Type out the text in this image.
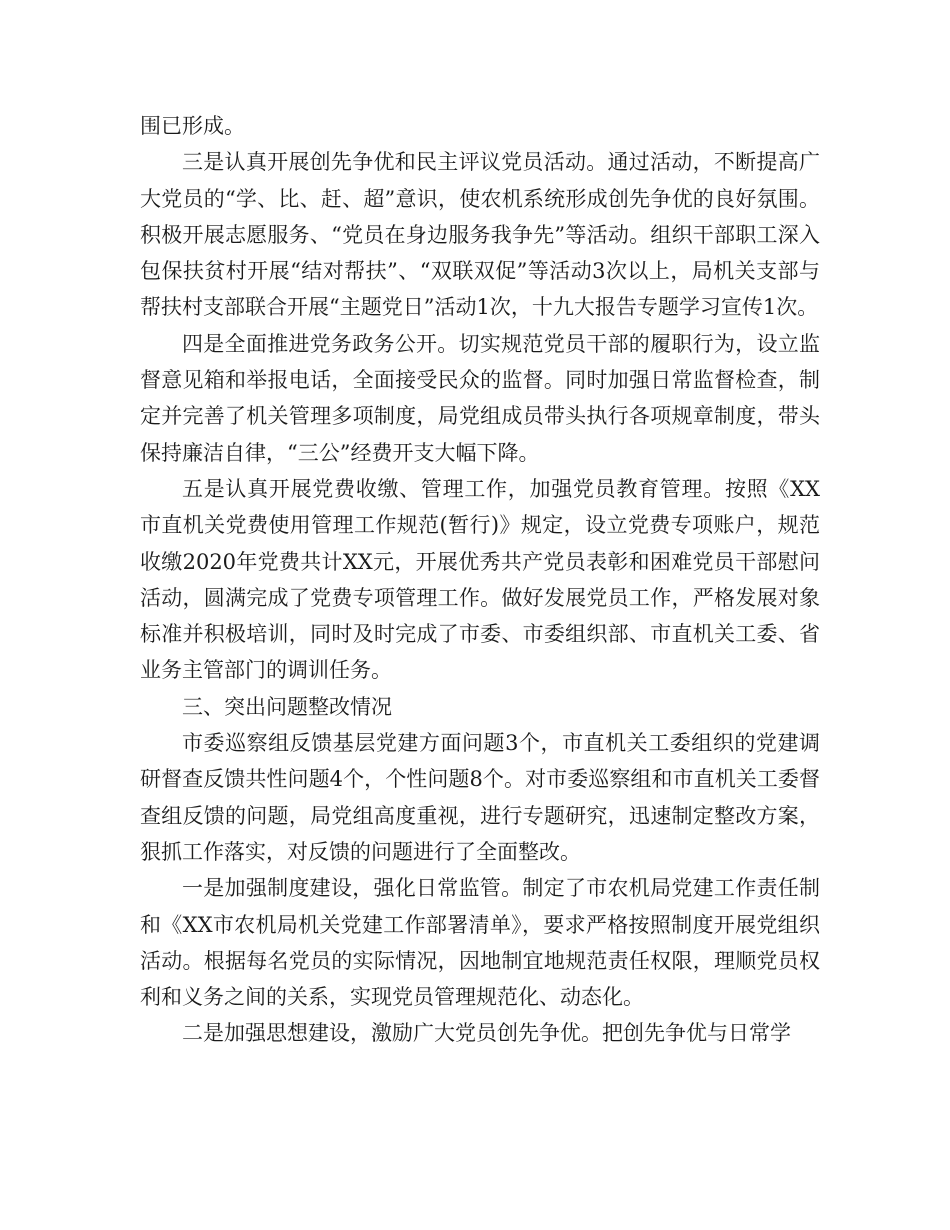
围已形成。

三是认真开展创先争优和民主评议党员活动。通过活动，不断提高广大党员的“学、比、赶、超”意识，使农机系统形成创先争优的良好氛围。积极开展志愿服务、“党员在身边服务我争先”等活动。组织干部职工深入包保扶贫村开展“结对帮扶”、“双联双促”等活动3次以上，局机关支部与帮扶村支部联合开展“主题党日”活动1次，十九大报告专题学习宣传1次。

四是全面推进党务政务公开。切实规范党员干部的履职行为，设立监督意见箱和举报电话，全面接受民众的监督。同时加强日常监督检查，制定并完善了机关管理多项制度，局党组成员带头执行各项规章制度，带头保持廉洁自律，“三公”经费开支大幅下降。

五是认真开展党费收缴、管理工作，加强党员教育管理。按照《XX市直机关党费使用管理工作规范(暂行)》规定，设立党费专项账户，规范收缴2020年党费共计XX元，开展优秀共产党员表彰和困难党员干部慰问活动，圆满完成了党费专项管理工作。做好发展党员工作，严格发展对象标准并积极培训，同时及时完成了市委、市委组织部、市直机关工委、省业务主管部门的调训任务。

三、突出问题整改情况

市委巡察组反馈基层党建方面问题3个，市直机关工委组织的党建调研督查反馈共性问题4个，个性问题8个。对市委巡察组和市直机关工委督查组反馈的问题，局党组高度重视，进行专题研究，迅速制定整改方案，狠抓工作落实，对反馈的问题进行了全面整改。

一是加强制度建设，强化日常监管。制定了市农机局党建工作责任制和《XX市农机局机关党建工作部署清单》，要求严格按照制度开展党组织活动。根据每名党员的实际情况，因地制宜地规范责任权限，理顺党员权利和义务之间的关系，实现党员管理规范化、动态化。

二是加强思想建设，激励广大党员创先争优。把创先争优与日常学
